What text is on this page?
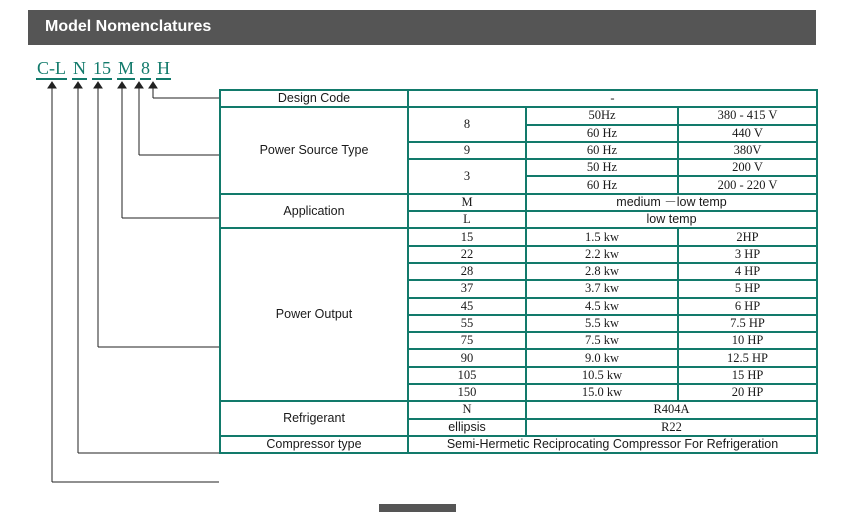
Model Nomenclatures
C-L N 15 M 8 H
Design Code	-		
Power Source Type	8	50Hz	380 - 415 V
		60 Hz	440 V
	9	60 Hz	380V
	3	50 Hz	200 V
		60 Hz	200 - 220 V
Application	M	medium －low temp	
	L	low temp	
Power Output	15	1.5 kw	2HP
	22	2.2 kw	3 HP
	28	2.8 kw	4 HP
	37	3.7 kw	5 HP
	45	4.5 kw	6 HP
	55	5.5 kw	7.5 HP
	75	7.5 kw	10 HP
	90	9.0 kw	12.5 HP
	105	10.5 kw	15 HP
	150	15.0 kw	20 HP
Refrigerant	N	R404A	
	ellipsis	R22	
Compressor type	Semi-Hermetic Reciprocating Compressor For Refrigeration		
